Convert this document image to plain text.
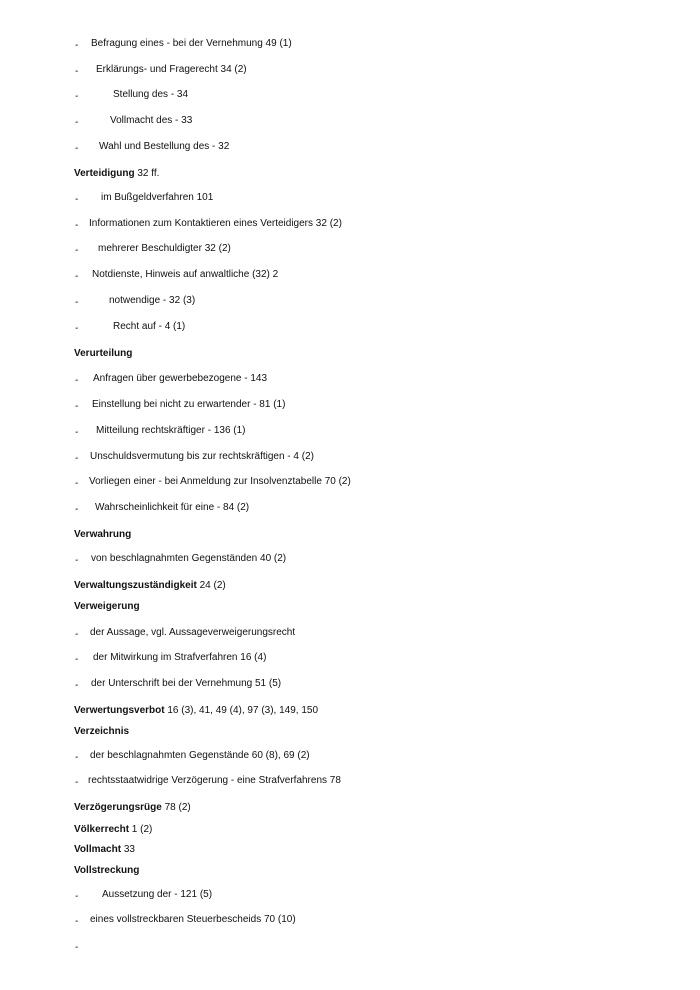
- Befragung eines - bei der Vernehmung 49 (1)
- Erklärungs- und Fragerecht 34 (2)
-	Stellung des - 34
-	Vollmacht des - 33
- Wahl und Bestellung des - 32
Verteidigung 32 ff.
- im Bußgeldverfahren 101
- Informationen zum Kontaktieren eines Verteidigers 32 (2)
- mehrerer Beschuldigter 32 (2)
- Notdienste, Hinweis auf anwaltliche (32) 2
-	notwendige - 32 (3)
-	Recht auf - 4 (1)
Verurteilung
- Anfragen über gewerbebezogene - 143
- Einstellung bei nicht zu erwartender - 81 (1)
- Mitteilung rechtskräftiger - 136 (1)
- Unschuldsvermutung bis zur rechtskräftigen - 4 (2)
- Vorliegen einer - bei Anmeldung zur Insolvenztabelle 70 (2)
- Wahrscheinlichkeit für eine - 84 (2)
Verwahrung
- von beschlagnahmten Gegenständen 40 (2)
Verwaltungszuständigkeit 24 (2)
Verweigerung
- der Aussage, vgl. Aussageverweigerungsrecht
- der Mitwirkung im Strafverfahren 16 (4)
- der Unterschrift bei der Vernehmung 51 (5)
Verwertungsverbot 16 (3), 41, 49 (4), 97 (3), 149, 150
Verzeichnis
- der beschlagnahmten Gegenstände 60 (8), 69 (2)
- rechtsstaatwidrige Verzögerung - eine Strafverfahrens 78
Verzögerungsrüge 78 (2)
Völkerrecht 1 (2)
Vollmacht 33
Vollstreckung
- Aussetzung der - 121 (5)
- eines vollstreckbaren Steuerbescheids 70 (10)
-
